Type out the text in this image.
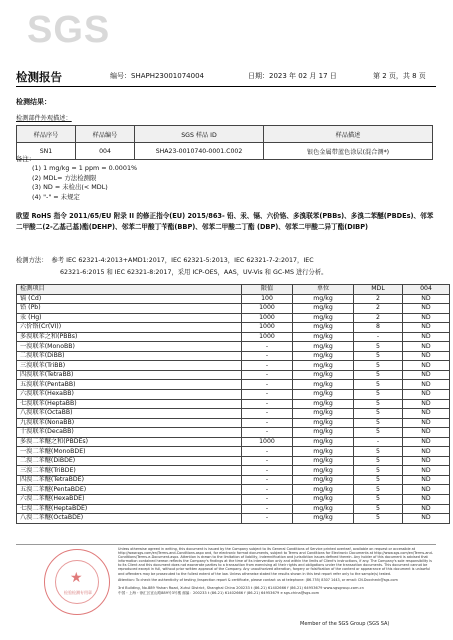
SGS
检测报告	编号：SHAPH23001074004	日期：2023 年 02 月 17 日	第 2 页，共 8 页
检测结果：
检测部件外观描述：
样品序号	样品编号	SGS 样品 ID	样品描述
SN1	004	SHA23-0010740-0001.C002	银色金属带蓝色涂层(混合测*)
备注：
(1) 1 mg/kg = 1 ppm = 0.0001%
(2) MDL= 方法检测限
(3) ND = 未检出(< MDL)
(4) "-" = 未规定
欧盟 RoHS 指令 2011/65/EU 附录 II 的修正指令(EU) 2015/863- 铅、汞、镉、六价铬、多溴联苯(PBBs)、多溴二苯醚(PBDEs)、邻苯二甲酸二(2-乙基己基)酯(DEHP)、邻苯二甲酸丁苄酯(BBP)、邻苯二甲酸二丁酯 (DBP)、邻苯二甲酸二异丁酯(DIBP)
检测方法： 参考 IEC 62321-4:2013+AMD1:2017，IEC 62321-5:2013，IEC 62321-7-2:2017，IEC
62321-6:2015 和 IEC 62321-8:2017，采用 ICP-OES，AAS，UV-Vis 和 GC-MS 进行分析。
检测项目	限值	单位	MDL	004
镉 (Cd)	100	mg/kg	2	ND
铅 (Pb)	1000	mg/kg	2	ND
汞 (Hg)	1000	mg/kg	2	ND
六价铬(Cr(VI))	1000	mg/kg	8	ND
多溴联苯之和(PBBs)	1000	mg/kg	-	ND
一溴联苯(MonoBB)	-	mg/kg	5	ND
二溴联苯(DiBB)	-	mg/kg	5	ND
三溴联苯(TriBB)	-	mg/kg	5	ND
四溴联苯(TetraBB)	-	mg/kg	5	ND
五溴联苯(PentaBB)	-	mg/kg	5	ND
六溴联苯(HexaBB)	-	mg/kg	5	ND
七溴联苯(HeptaBB)	-	mg/kg	5	ND
八溴联苯(OctaBB)	-	mg/kg	5	ND
九溴联苯(NonaBB)	-	mg/kg	5	ND
十溴联苯(DecaBB)	-	mg/kg	5	ND
多溴二苯醚之和(PBDEs)	1000	mg/kg	-	ND
一溴二苯醚(MonoBDE)	-	mg/kg	5	ND
二溴二苯醚(DiBDE)	-	mg/kg	5	ND
三溴二苯醚(TriBDE)	-	mg/kg	5	ND
四溴二苯醚(TetraBDE)	-	mg/kg	5	ND
五溴二苯醚(PentaBDE)	-	mg/kg	5	ND
六溴二苯醚(HexaBDE)	-	mg/kg	5	ND
七溴二苯醚(HeptaBDE)	-	mg/kg	5	ND
八溴二苯醚(OctaBDE)	-	mg/kg	5	ND
★
检验检测专用章
Unless otherwise agreed in writing, this document is issued by the Company subject to its General Conditions of Service printed overleaf, available on request or accessible at http://www.sgs.com/en/Terms-and-Conditions.aspx and, for electronic format documents, subject to Terms and Conditions for Electronic Documents at http://www.sgs.com/en/Terms-and-Conditions/Terms-e-Document.aspx. Attention is drawn to the limitation of liability, indemnification and jurisdiction issues defined therein. Any holder of this document is advised that information contained hereon reflects the Company's findings at the time of its intervention only and within the limits of Client's instructions, if any. The Company's sole responsibility is to its Client and this document does not exonerate parties to a transaction from exercising all their rights and obligations under the transaction documents. This document cannot be reproduced except in full, without prior written approval of the Company. Any unauthorized alteration, forgery or falsification of the content or appearance of this document is unlawful and offenders may be prosecuted to the fullest extent of the law. Unless otherwise stated the results shown in this test report refer only to the sample(s) tested.
Attention: To check the authenticity of testing /inspection report & certificate, please contact us at telephone: (86-755) 8307 1443, or email: CN.Doccheck@sgs.com
3rd Building, No.889 Yishan Road, Xuhui District, Shanghai China 200233 t (86-21) 61402666 f (86-21) 64953679 www.sgsgroup.com.cn
中国・上海・徐汇区宜山路889号3号楼 邮编：200233 t (86-21) 61402666 f (86-21) 64953679 e sgs.china@sgs.com
Member of the SGS Group (SGS SA)
